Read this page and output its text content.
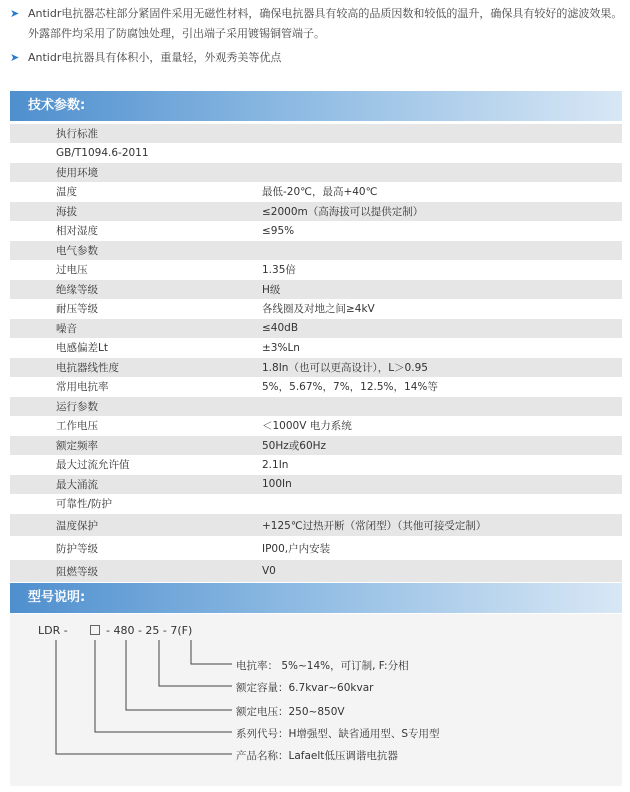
➤ Antidr电抗器芯柱部分紧固件采用无磁性材料，确保电抗器具有较高的品质因数和较低的温升，确保具有较好的滤波效果。外露部件均采用了防腐蚀处理，引出端子采用镀锡铜管端子。
➤ Antidr电抗器具有体积小，重量轻，外观秀美等优点
技术参数:
执行标准
GB/T1094.6-2011
使用环境
温度	最低-20℃，最高+40℃
海拔	≤2000m（高海拔可以提供定制）
相对湿度	≤95%
电气参数
过电压	1.35倍
绝缘等级	H级
耐压等级	各线圈及对地之间≥4kV
噪音	≤40dB
电感偏差Lt	±3%Ln
电抗器线性度	1.8In（也可以更高设计），L＞0.95
常用电抗率	5%，5.67%，7%，12.5%，14%等
运行参数
工作电压	＜1000V 电力系统
额定频率	50Hz或60Hz
最大过流允许值	2.1In
最大涌流	100In
可靠性/防护
温度保护	+125℃过热开断（常闭型）（其他可接受定制）
防护等级	IP00,户内安装
阻燃等级	V0
型号说明:
LDR -	- 480 - 25 - 7(F)
电抗率： 5%~14%，可订制, F:分相
额定容量：6.7kvar~60kvar
额定电压：250~850V
系列代号：H增强型、缺省通用型、S专用型
产品名称：Lafaelt低压调谐电抗器
